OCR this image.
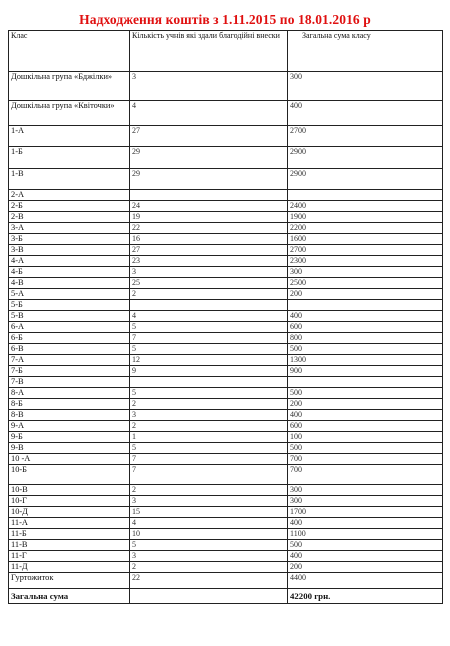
Надходження коштів з 1.11.2015 по 18.01.2016 р
Клас	Кількість учнів які здали благодійні внески	Загальна сума класу
Дошкільна група «Бджілки»	3	300
Дошкільна група «Квіточки»	4	400
1-А	27	2700
1-Б	29	2900
1-В	29	2900
2-А		
2-Б	24	2400
2-В	19	1900
3-А	22	2200
3-Б	16	1600
3-В	27	2700
4-А	23	2300
4-Б	3	300
4-В	25	2500
5-А	2	200
5-Б		
5-В	4	400
6-А	5	600
6-Б	7	800
6-В	5	500
7-А	12	1300
7-Б	9	900
7-В		
8-А	5	500
8-Б	2	200
8-В	3	400
9-А	2	600
9-Б	1	100
9-В	5	500
10 -А	7	700
10-Б	7	700
10-В	2	300
10-Г	3	300
10-Д	15	1700
11-А	4	400
11-Б	10	1100
11-В	5	500
11-Г	3	400
11-Д	2	200
Гуртожиток	22	4400
Загальна сума		42200 грн.
